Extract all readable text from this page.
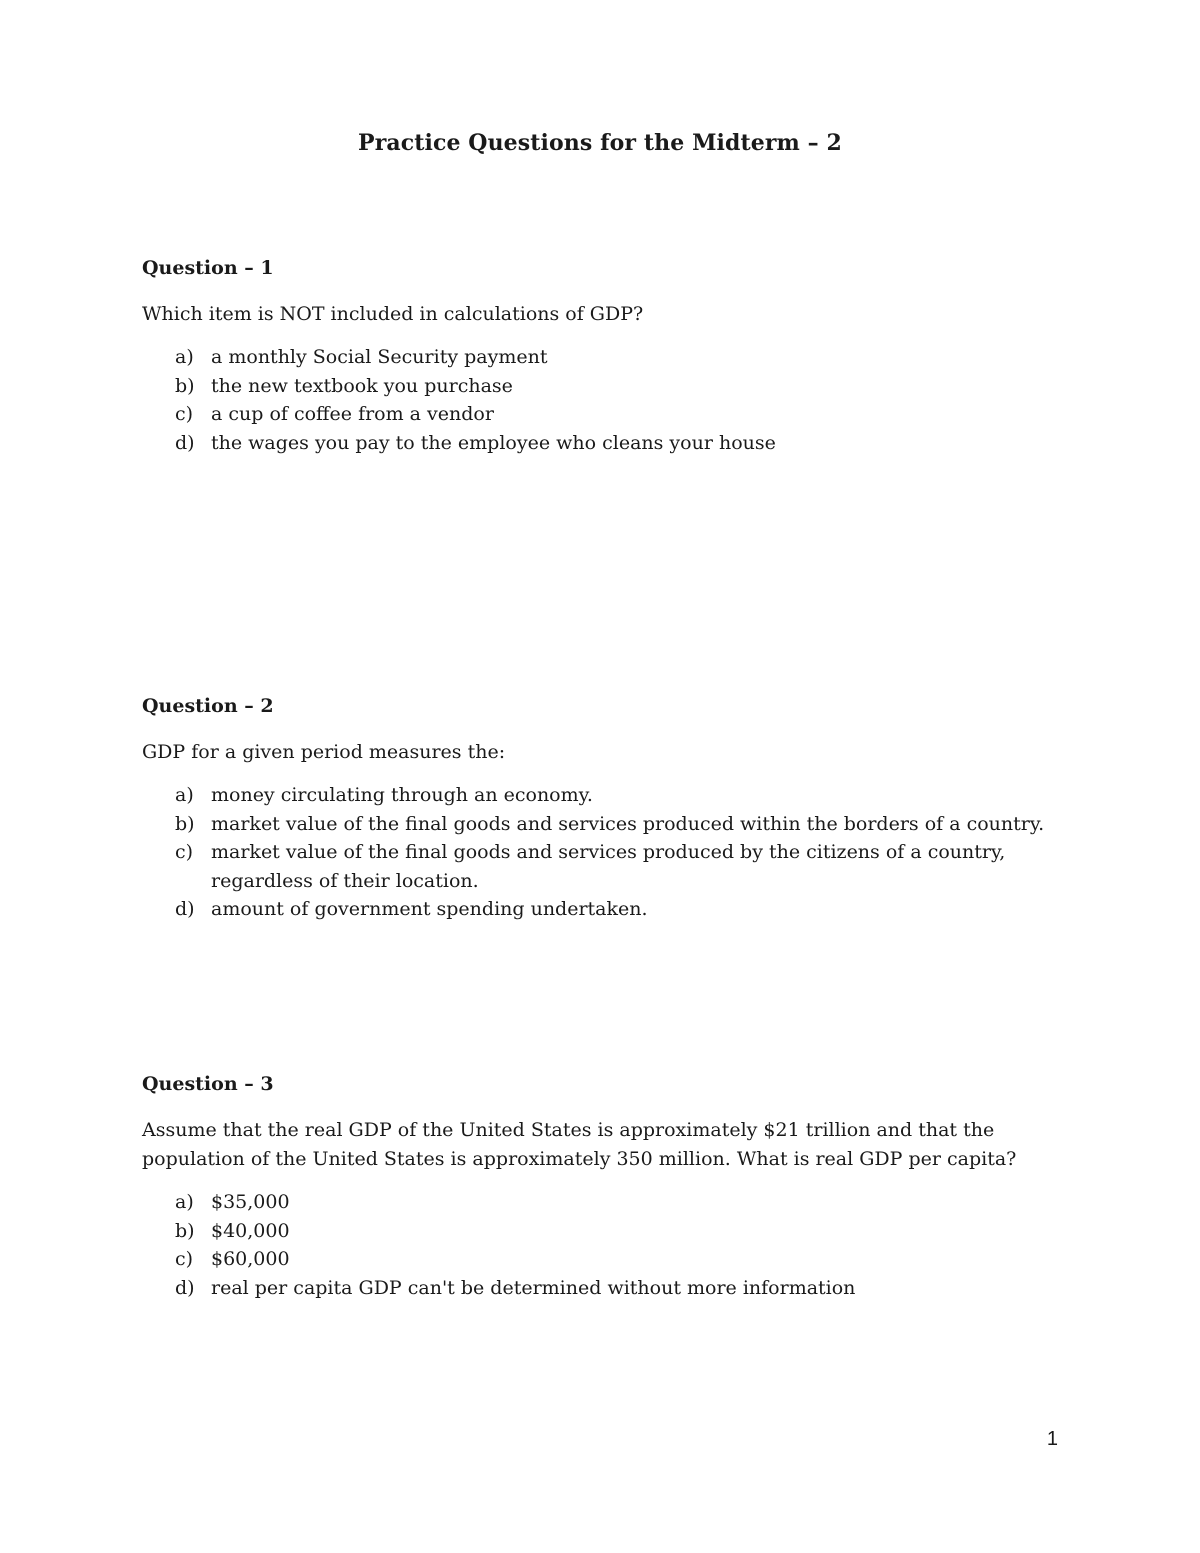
Practice Questions for the Midterm – 2
Question – 1
Which item is NOT included in calculations of GDP?
a) a monthly Social Security payment
b) the new textbook you purchase
c) a cup of coffee from a vendor
d) the wages you pay to the employee who cleans your house
Question – 2
GDP for a given period measures the:
a) money circulating through an economy.
b) market value of the final goods and services produced within the borders of a country.
c) market value of the final goods and services produced by the citizens of a country, regardless of their location.
d) amount of government spending undertaken.
Question – 3
Assume that the real GDP of the United States is approximately $21 trillion and that the population of the United States is approximately 350 million. What is real GDP per capita?
a) $35,000
b) $40,000
c) $60,000
d) real per capita GDP can't be determined without more information
1
